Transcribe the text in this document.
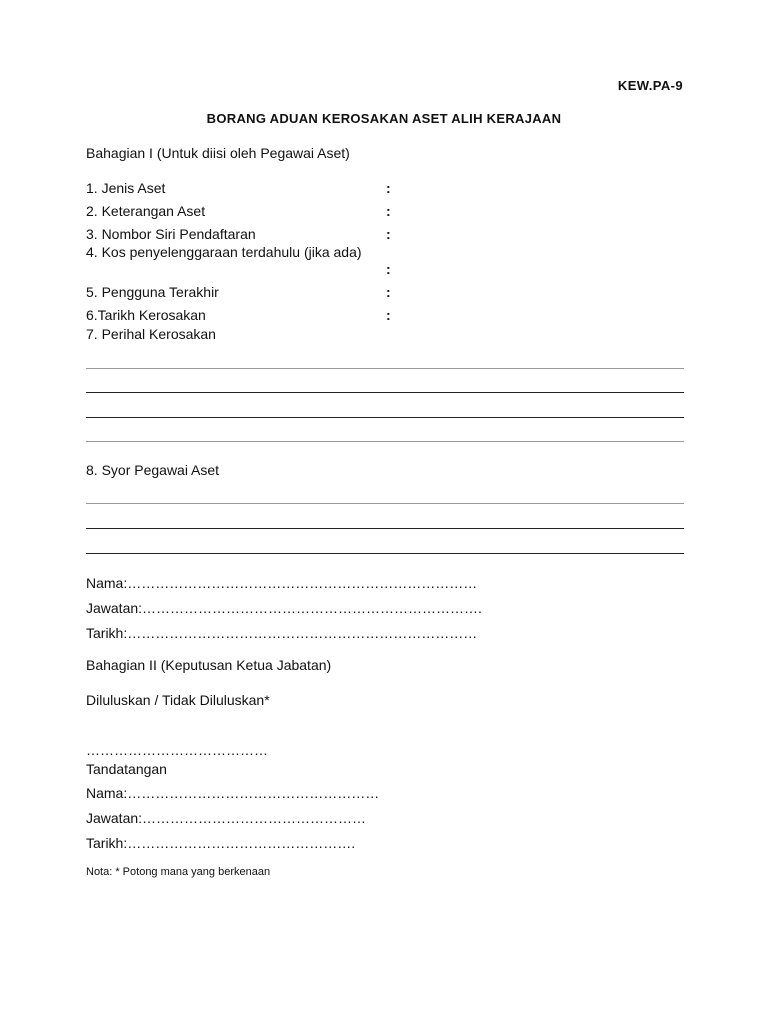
KEW.PA-9
BORANG ADUAN KEROSAKAN ASET ALIH KERAJAAN
Bahagian I (Untuk diisi oleh Pegawai Aset)
1. Jenis Aset	:
2. Keterangan Aset	:
3. Nombor Siri Pendaftaran	:
4. Kos penyelenggaraan terdahulu (jika ada)
:
5. Pengguna Terakhir	:
6.Tarikh Kerosakan	:
7. Perihal Kerosakan
8. Syor Pegawai Aset
Nama:…………………………………………………………………
Jawatan:……………………………………………………………….
Tarikh:…………………………………………………………………
Bahagian II (Keputusan Ketua Jabatan)
Diluluskan / Tidak Diluluskan*
…………………………………
Tandatangan
Nama:………………………………………………
Jawatan:…………………………………………
Tarikh:………………………………………….
Nota: * Potong mana yang berkenaan
